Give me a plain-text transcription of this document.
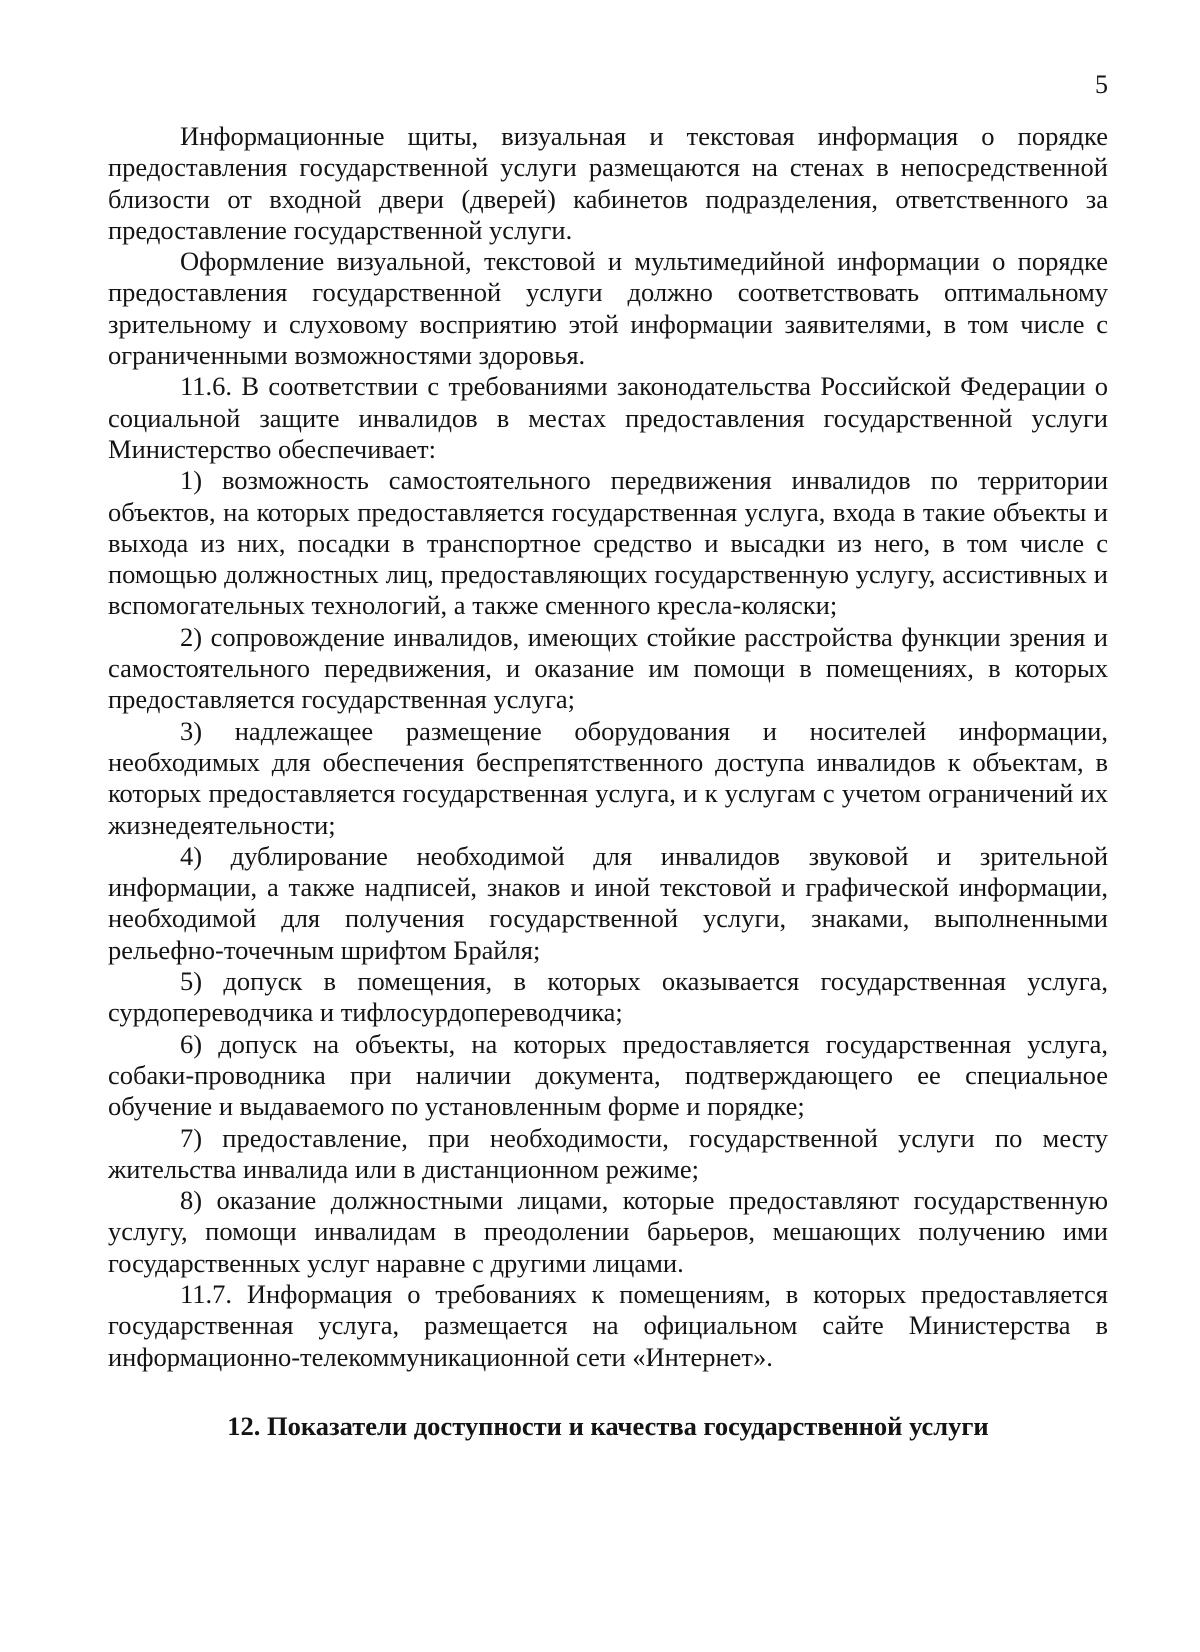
5

Информационные щиты, визуальная и текстовая информация о порядке предоставления государственной услуги размещаются на стенах в непосредственной близости от входной двери (дверей) кабинетов подразделения, ответственного за предоставление государственной услуги.

Оформление визуальной, текстовой и мультимедийной информации о порядке предоставления государственной услуги должно соответствовать оптимальному зрительному и слуховому восприятию этой информации заявителями, в том числе с ограниченными возможностями здоровья.

11.6. В соответствии с требованиями законодательства Российской Федерации о социальной защите инвалидов в местах предоставления государственной услуги Министерство обеспечивает:

1) возможность самостоятельного передвижения инвалидов по территории объектов, на которых предоставляется государственная услуга, входа в такие объекты и выхода из них, посадки в транспортное средство и высадки из него, в том числе с помощью должностных лиц, предоставляющих государственную услугу, ассистивных и вспомогательных технологий, а также сменного кресла-коляски;

2) сопровождение инвалидов, имеющих стойкие расстройства функции зрения и самостоятельного передвижения, и оказание им помощи в помещениях, в которых предоставляется государственная услуга;

3) надлежащее размещение оборудования и носителей информации, необходимых для обеспечения беспрепятственного доступа инвалидов к объектам, в которых предоставляется государственная услуга, и к услугам с учетом ограничений их жизнедеятельности;

4) дублирование необходимой для инвалидов звуковой и зрительной информации, а также надписей, знаков и иной текстовой и графической информации, необходимой для получения государственной услуги, знаками, выполненными рельефно-точечным шрифтом Брайля;

5) допуск в помещения, в которых оказывается государственная услуга, сурдопереводчика и тифлосурдопереводчика;

6) допуск на объекты, на которых предоставляется государственная услуга, собаки-проводника при наличии документа, подтверждающего ее специальное обучение и выдаваемого по установленным форме и порядке;

7) предоставление, при необходимости, государственной услуги по месту жительства инвалида или в дистанционном режиме;

8) оказание должностными лицами, которые предоставляют государственную услугу, помощи инвалидам в преодолении барьеров, мешающих получению ими государственных услуг наравне с другими лицами.

11.7. Информация о требованиях к помещениям, в которых предоставляется государственная услуга, размещается на официальном сайте Министерства в информационно-телекоммуникационной сети «Интернет».

12. Показатели доступности и качества государственной услуги
